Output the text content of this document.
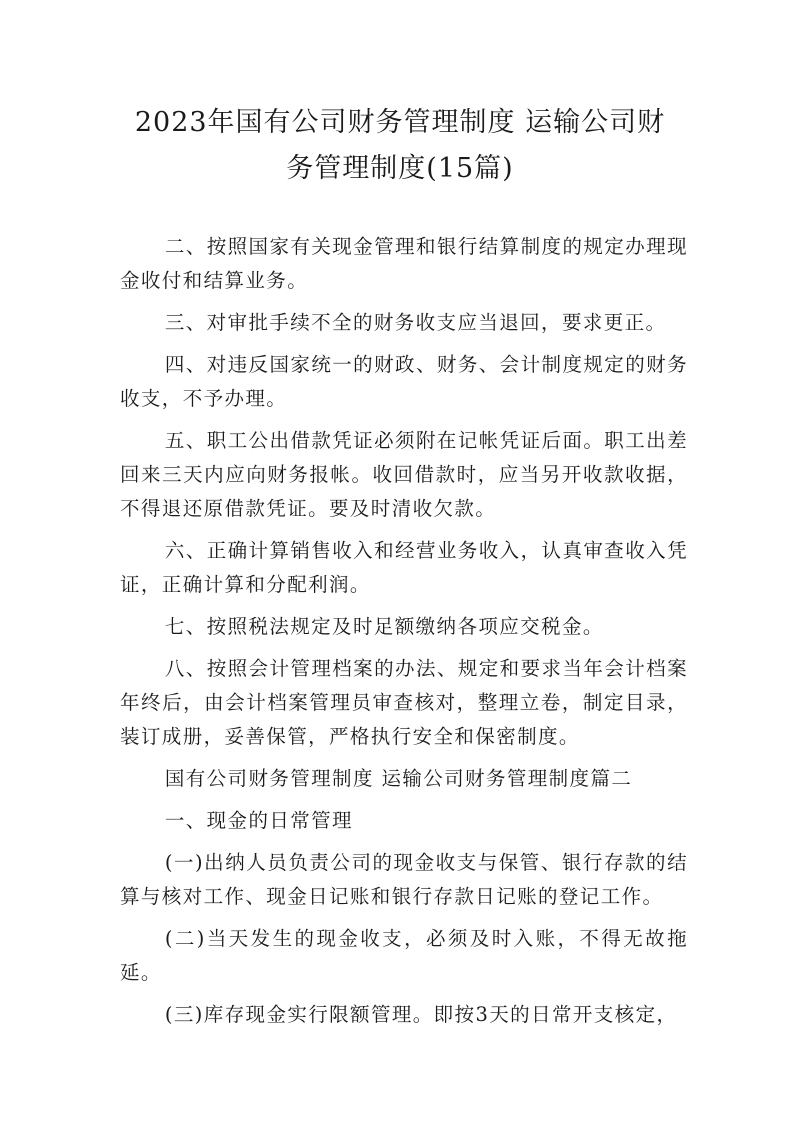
2023年国有公司财务管理制度 运输公司财
务管理制度(15篇)

二、按照国家有关现金管理和银行结算制度的规定办理现金收付和结算业务。

三、对审批手续不全的财务收支应当退回，要求更正。

四、对违反国家统一的财政、财务、会计制度规定的财务收支，不予办理。

五、职工公出借款凭证必须附在记帐凭证后面。职工出差回来三天内应向财务报帐。收回借款时，应当另开收款收据，不得退还原借款凭证。要及时清收欠款。

六、正确计算销售收入和经营业务收入，认真审查收入凭证，正确计算和分配利润。

七、按照税法规定及时足额缴纳各项应交税金。

八、按照会计管理档案的办法、规定和要求当年会计档案年终后，由会计档案管理员审查核对，整理立卷，制定目录，装订成册，妥善保管，严格执行安全和保密制度。

国有公司财务管理制度 运输公司财务管理制度篇二

一、现金的日常管理

(一)出纳人员负责公司的现金收支与保管、银行存款的结算与核对工作、现金日记账和银行存款日记账的登记工作。

(二)当天发生的现金收支，必须及时入账，不得无故拖延。

(三)库存现金实行限额管理。即按3天的日常开支核定，
